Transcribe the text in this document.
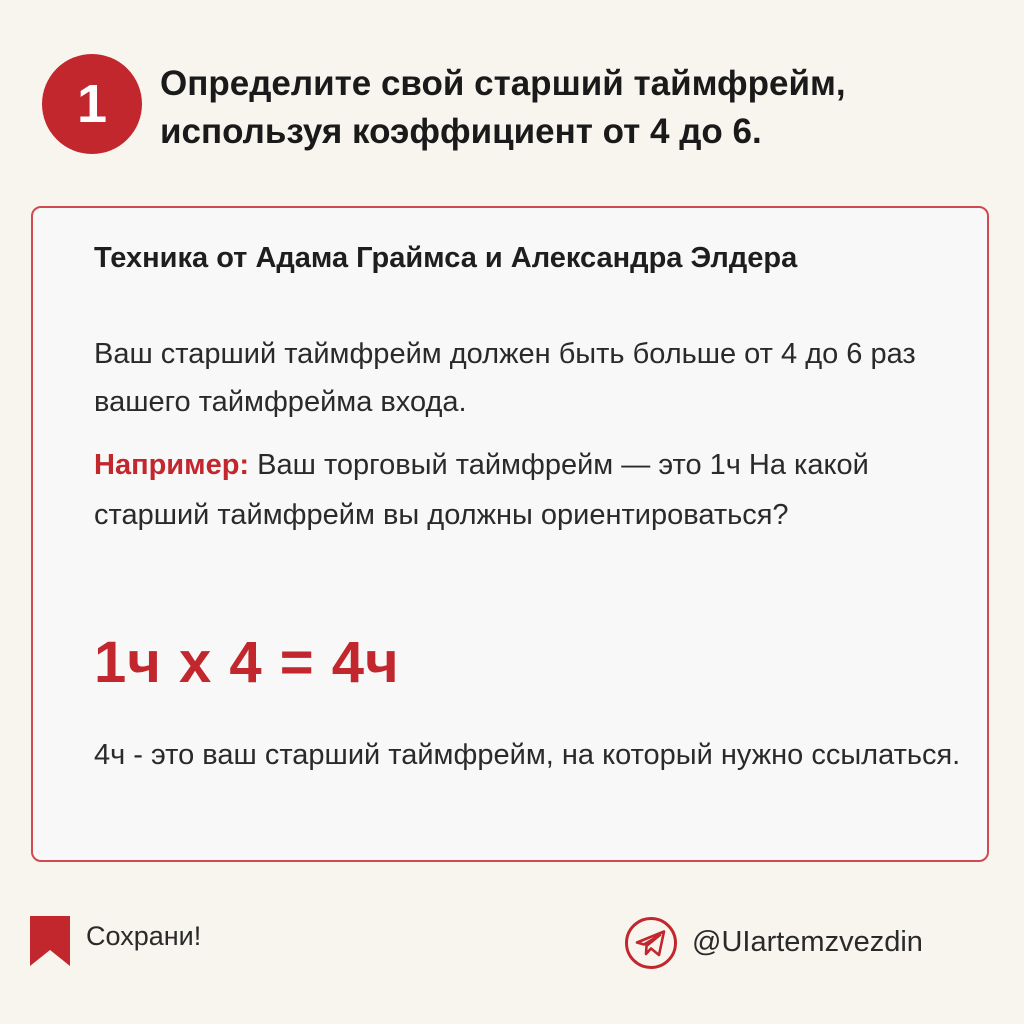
1	Определите свой старший таймфрейм, используя коэффициент от 4 до 6.
Техника от Адама Граймса и Александра Элдера
Ваш старший таймфрейм должен быть больше от 4 до 6 раз вашего таймфрейма входа.
Например: Ваш торговый таймфрейм — это 1ч На какой старший таймфрейм вы должны ориентироваться?
1ч x 4 = 4ч
4ч - это ваш старший таймфрейм, на который нужно ссылаться.
Сохрани!	@UIartemzvezdin
